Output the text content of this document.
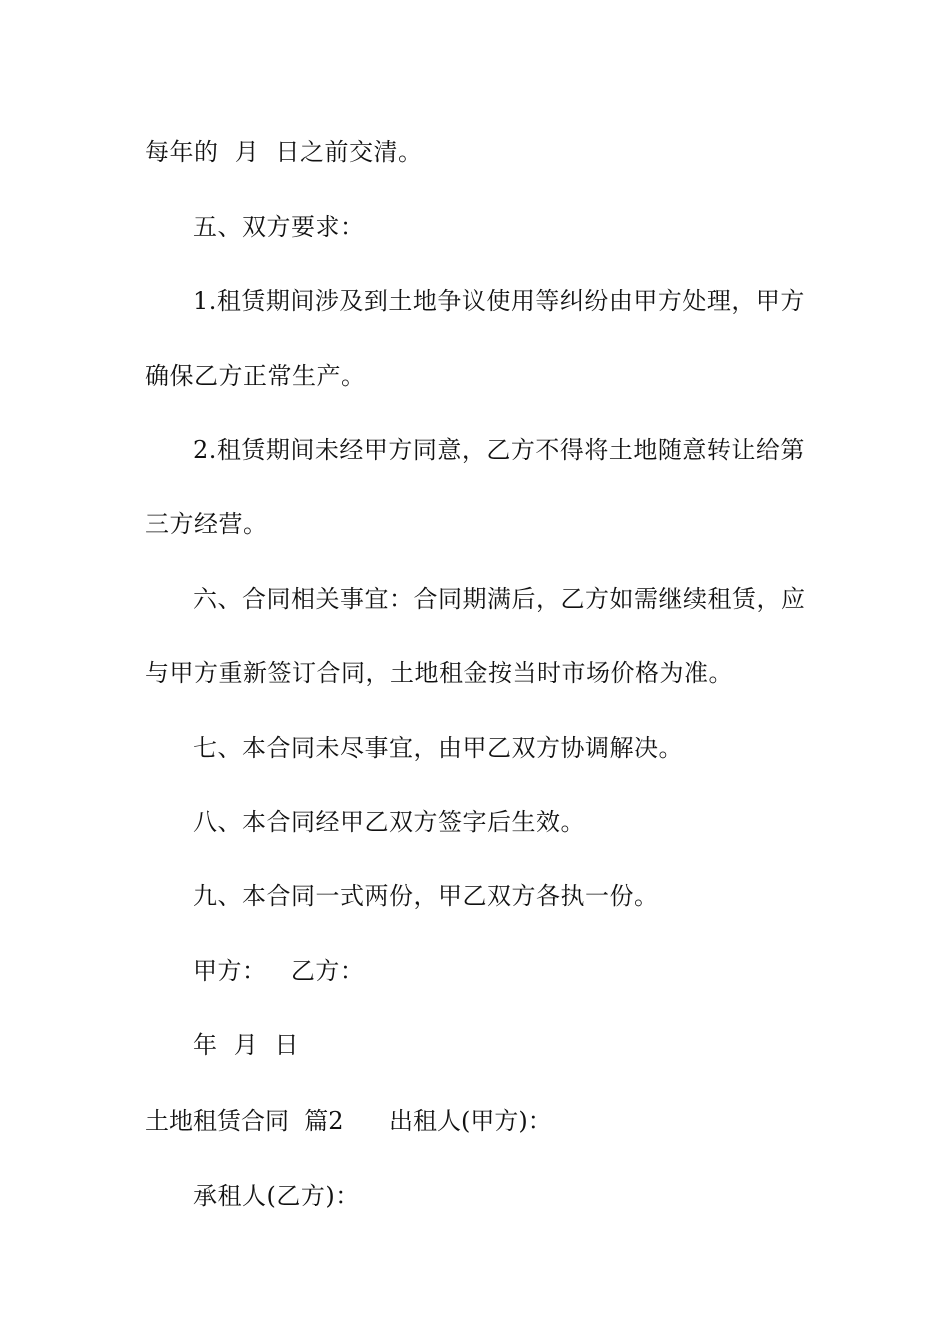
每年的  月  日之前交清。
五、双方要求：
1.租赁期间涉及到土地争议使用等纠纷由甲方处理，甲方
确保乙方正常生产。
2.租赁期间未经甲方同意，乙方不得将土地随意转让给第
三方经营。
六、合同相关事宜：合同期满后，乙方如需继续租赁，应
与甲方重新签订合同，土地租金按当时市场价格为准。
七、本合同未尽事宜，由甲乙双方协调解决。
八、本合同经甲乙双方签字后生效。
九、本合同一式两份，甲乙双方各执一份。
甲方：   乙方：
年  月  日

土地租赁合同  篇2

出租人(甲方)：

承租人(乙方)：
